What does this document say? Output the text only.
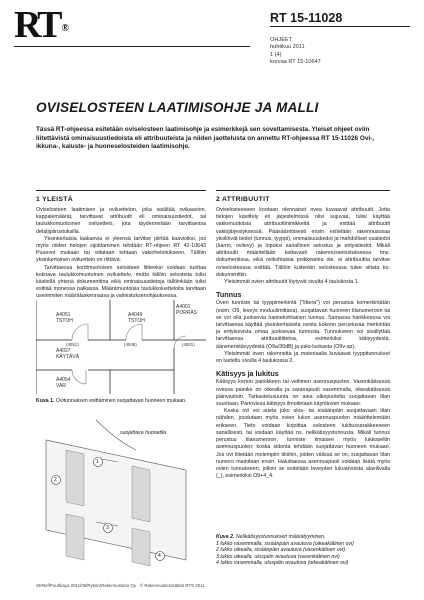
RT ®
RT 15-11028
OHJEET
huhtikuu 2011
1 (4)
korvaa RT 15-10647
OVISELOSTEEN LAATIMISOHJE JA MALLI
Tässä RT-ohjeessa esitetään oviselosteen laatimisohje ja esimerkkejä sen soveltamisesta. Yleiset ohjeet oviin liitettävistä ominaisuustiedoista eli attribuuteista ja niiden jaottelusta on annettu RT-ohjeessa RT 15-11026 Ovi-, ikkuna-, kaluste- ja huoneselosteiden laatimisohje.
1 YLEISTÄ

Oviselosteen laatimisen ja oviluettelon, joka sisältää ovikaavion, kappalemäärät, tarvittavat attribuutit eli ominaisuustiedot, tai taulukkomuotoinen oviluettelo, jota täydennetään tarvittaessa detaljipiirustuksilla.

Yksinkertaisia laakaovia ei yleensä tarvitse piirtää kaavioiksi, jos myös niiden helojen sijoittaminen tehdään RT-ohjeen RT 42-10643 Puuovet mukaan tai viitataan tehtaan vakioheloitukseen. Tällöin yksinkertainen oviluettelo on riittävä.

Tarvittaessa korttimuotoisen selosteen liitteeksi voidaan tuottaa kokoava taulukkomuotoinen oviluettelo, mutta tällöin selosteita tulisi käsitellä yhtenä dokumenttina eikä ominaisuustietoja tällöinkään tulisi esittää monessa paikassa. Määrämuotoisia taulukkoluetteloita tarvitaan useimmiten määrälaskennassa ja valmistuksenohjauksessa.

A4051
TSTOH
A4049
TSTOH
A4001
PORRAS
A4027
KÄYTÄVÄ
A4054
VAR
(4051)	(4049)	(4001)
Kuva 1. Ovitunnuksen esittäminen suojattavan huoneen mukaan.
suojattava huonetila
1
2
3
4
2 ATTRIBUUTIT

Oviselosteeseen kootaan olennaiset ovea kuvaavat attribuutit. Jotta tietojen käsittely eri järjestelmissä olisi sujuvaa, tulisi käyttää vakiomuotoisia attribuuttinimikkeitä ja esittää attribuutit vakiojärjestyksessä. Pääsääntöisesti ensin esitetään rakennusosaa yksilöivät tiedot (tunnus, tyyppi), ominaisuustiedot ja mahdolliset osatiedot (karmi, ovilevy) ja lopuksi sanallinen selostus ja erityistiedot. Mikäli attribuutti määritellään kattavasti rakennusselostuksessa tms. dokumentissa, eikä ovikohtaisia poikkeamia ole, ei attribuuttia tarvitse oviselosteessa esittää. Tällöin kuitenkin selosteessa tulee viitata ko. dokumenttiin.

Yleisimmät ovien attribuutit löytyvät sivulta 4 taulukosta 1.

Tunnus

Oven tunniste tai tyyppimerkintä ("littera") voi perustua komerkintätän (esim. O9, leveys moduulimittana), suojattavan huoneen tilanumeroon tai se voi olla juoksevia hankekohtainen tunnus. Samassa hankkeessa voi tarvittaessa käyttää yksinkertaisista ovista kokoon perustuvaa merkintää ja erityisovista omaa juoksevaa tunnusta. Tunnukseen voi sisällyttää tarvittaessa attribuuttitietoa, esimerkiksi kätisyydestä, ääneneristävyydestä (O9a/30dB) ja palo-luokasta (O9v-sp).

Yleisimmät oven rakennetta ja materiaalia kuvaavat tyyppitunnukset on lueteltu sivulla 4 taulukossa 2.

Kätisyys ja lukitus

Kätisyys kertoo painikkeen tai veltimen asennuspuolen. Vasenkätisessä ovessa painike on oikealla ja saranapuoli vasemmalla, oikeakätisessä päinvastoin. Tarkastelusuunta on aina ulkopuolelta suojattavan tilan suuntaan. Pariovissa kätisyys ilmoitetaan käyntioven mukaan.

Koska ovi voi aueta joko ulos- tai sisäänpäin suojattavaan tilan nähden, joudutaan myös ovien lukon asennuspuolen määrittelemään erikseen. Tieto voidaan kirjoittaa selosteen lukitussarakkeeseen sanallisesti, tai voidaan käyttää ns. nelikätisyystunnusta. Mikäli tunnus perustuu tilanumeroon, tunniste ilmaisee myös lukkopeltin asennuspuolen; koska sidonta tehdään suojattavan huoneen mukaan. Jos ovi liitetään molempiin tiloihin, joiden välissä se on, suojattavan tilan numero mainitaan ensin. Haluttaessa asennuspuoli voidaan lisätä myös ovien tunnukseen, jolloin se esitetään leveyden lukuarvoista alavilivalla (_), esimerkiksi O9+4_4.

Kuva 2. Nelikätisyystunnuksen määrätyyminen.
1 lukko vasemmalla, sisäänpäin avautuva (oikeakätinen ovi)
2 lukko oikealla, sisäänpäin avautuva (vasenkätinen ovi)
3 lukko oikealla, ulospäin avautuva (vasenkätinen ovi)
4 lukko vasemmalla, ulospäin avautuva (oikeakätinen ovi)
SKRef/Puuhkaya 2011/06/Rytiön/Rakennustieto Oy · © Rakennustietosäätiö RTS 2011
